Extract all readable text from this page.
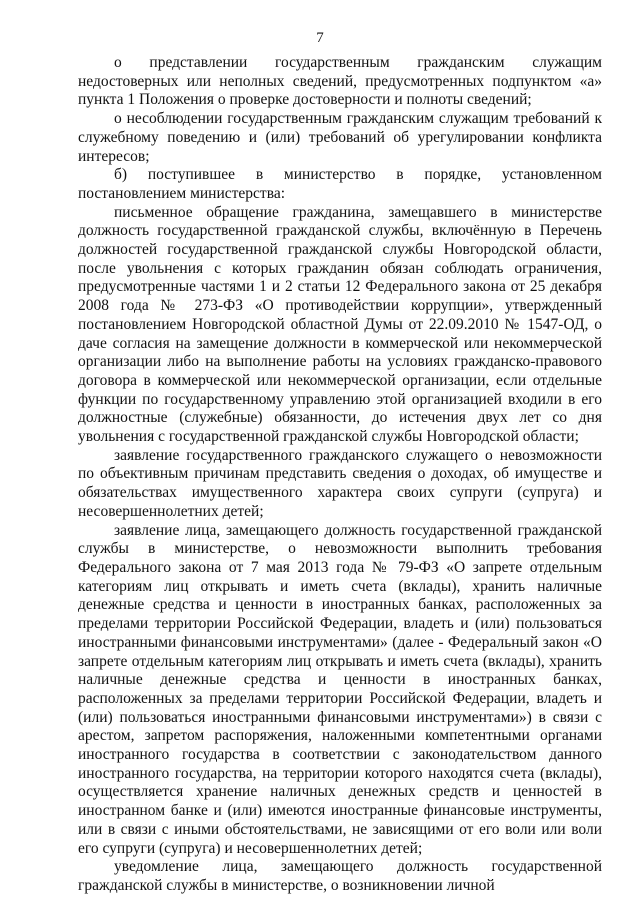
7

о представлении государственным гражданским служащим недостоверных или неполных сведений, предусмотренных подпунктом «а» пункта 1 Положения о проверке достоверности и полноты сведений;

о несоблюдении государственным гражданским служащим требований к служебному поведению и (или) требований об урегулировании конфликта интересов;

б) поступившее в министерство в порядке, установленном постановлением министерства:

письменное обращение гражданина, замещавшего в министерстве должность государственной гражданской службы, включённую в Перечень должностей государственной гражданской службы Новгородской области, после увольнения с которых гражданин обязан соблюдать ограничения, предусмотренные частями 1 и 2 статьи 12 Федерального закона от 25 декабря 2008 года № 273-ФЗ «О противодействии коррупции», утвержденный постановлением Новгородской областной Думы от 22.09.2010 № 1547-ОД, о даче согласия на замещение должности в коммерческой или некоммерческой организации либо на выполнение работы на условиях гражданско-правового договора в коммерческой или некоммерческой организации, если отдельные функции по государственному управлению этой организацией входили в его должностные (служебные) обязанности, до истечения двух лет со дня увольнения с государственной гражданской службы Новгородской области;

заявление государственного гражданского служащего о невозможности по объективным причинам представить сведения о доходах, об имуществе и обязательствах имущественного характера своих супруги (супруга) и несовершеннолетних детей;

заявление лица, замещающего должность государственной гражданской службы в министерстве, о невозможности выполнить требования Федерального закона от 7 мая 2013 года № 79-ФЗ «О запрете отдельным категориям лиц открывать и иметь счета (вклады), хранить наличные денежные средства и ценности в иностранных банках, расположенных за пределами территории Российской Федерации, владеть и (или) пользоваться иностранными финансовыми инструментами» (далее - Федеральный закон «О запрете отдельным категориям лиц открывать и иметь счета (вклады), хранить наличные денежные средства и ценности в иностранных банках, расположенных за пределами территории Российской Федерации, владеть и (или) пользоваться иностранными финансовыми инструментами») в связи с арестом, запретом распоряжения, наложенными компетентными органами иностранного государства в соответствии с законодательством данного иностранного государства, на территории которого находятся счета (вклады), осуществляется хранение наличных денежных средств и ценностей в иностранном банке и (или) имеются иностранные финансовые инструменты, или в связи с иными обстоятельствами, не зависящими от его воли или воли его супруги (супруга) и несовершеннолетних детей;

уведомление лица, замещающего должность государственной гражданской службы в министерстве, о возникновении личной
